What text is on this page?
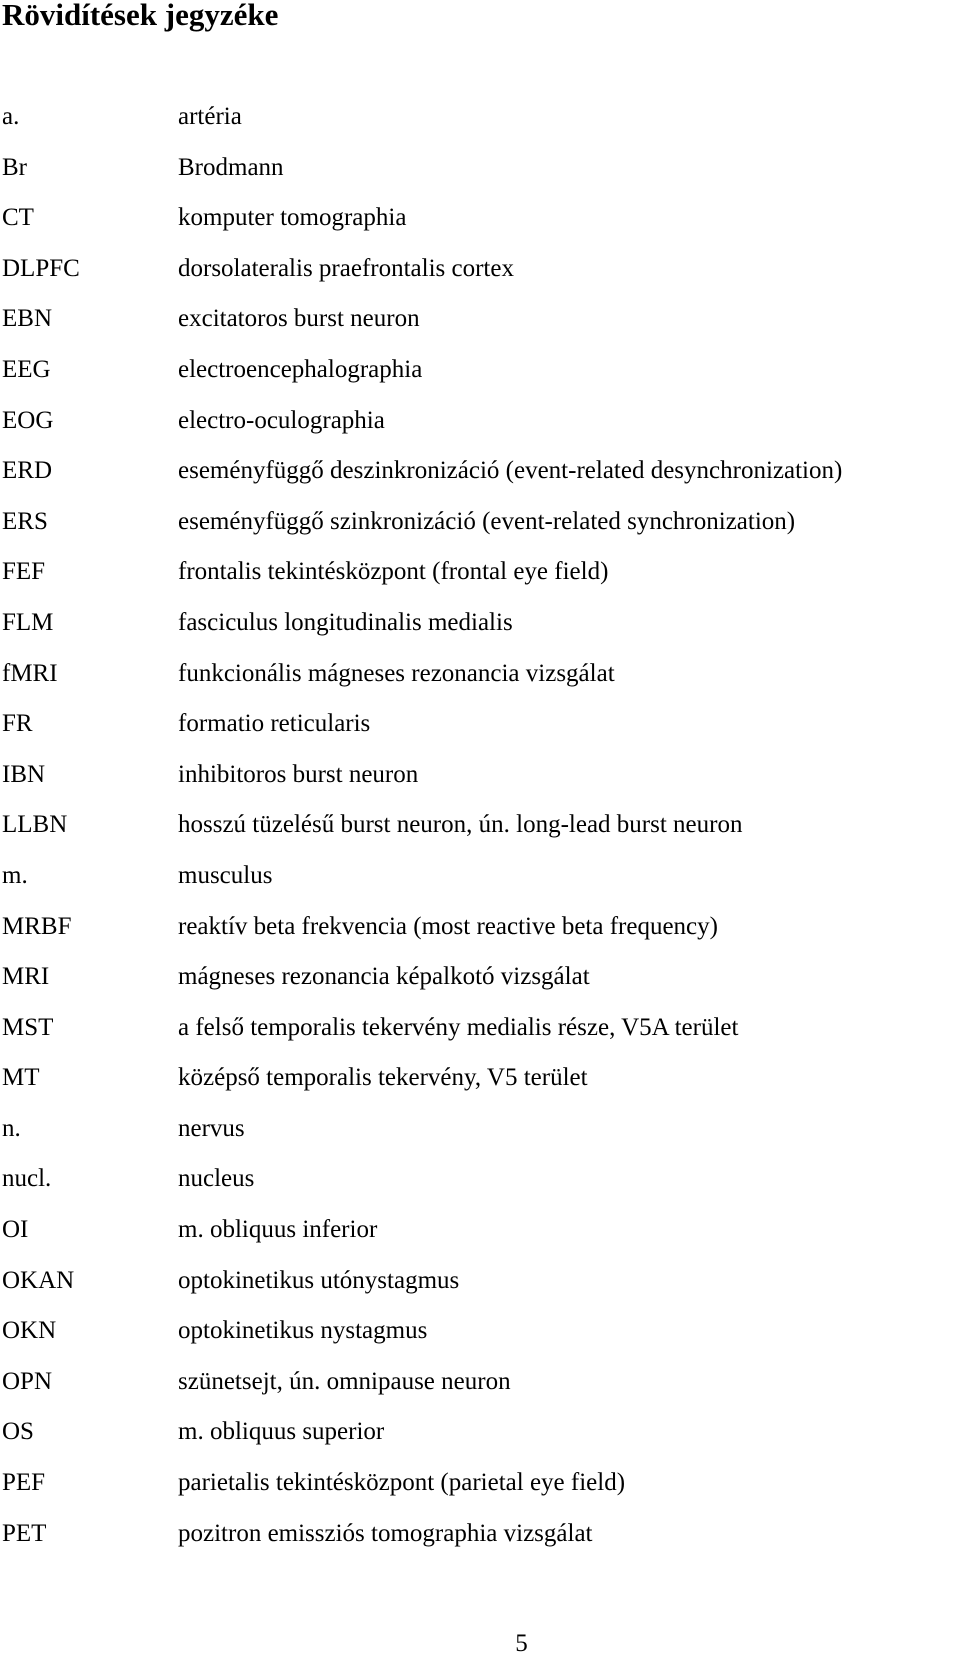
Rövidítések jegyzéke
a.	artéria
Br	Brodmann
CT	komputer tomographia
DLPFC	dorsolateralis praefrontalis cortex
EBN	excitatoros burst neuron
EEG	electroencephalographia
EOG	electro-oculographia
ERD	eseményfüggő deszinkronizáció (event-related desynchronization)
ERS	eseményfüggő szinkronizáció (event-related synchronization)
FEF	frontalis tekintésközpont (frontal eye field)
FLM	fasciculus longitudinalis medialis
fMRI	funkcionális mágneses rezonancia vizsgálat
FR	formatio reticularis
IBN	inhibitoros burst neuron
LLBN	hosszú tüzelésű burst neuron, ún. long-lead burst neuron
m.	musculus
MRBF	reaktív beta frekvencia (most reactive beta frequency)
MRI	mágneses rezonancia képalkotó vizsgálat
MST	a felső temporalis tekervény medialis része, V5A terület
MT	középső temporalis tekervény, V5 terület
n.	nervus
nucl.	nucleus
OI	m. obliquus inferior
OKAN	optokinetikus utónystagmus
OKN	optokinetikus nystagmus
OPN	szünetsejt, ún. omnipause neuron
OS	m. obliquus superior
PEF	parietalis tekintésközpont (parietal eye field)
PET	pozitron emissziós tomographia vizsgálat
5
